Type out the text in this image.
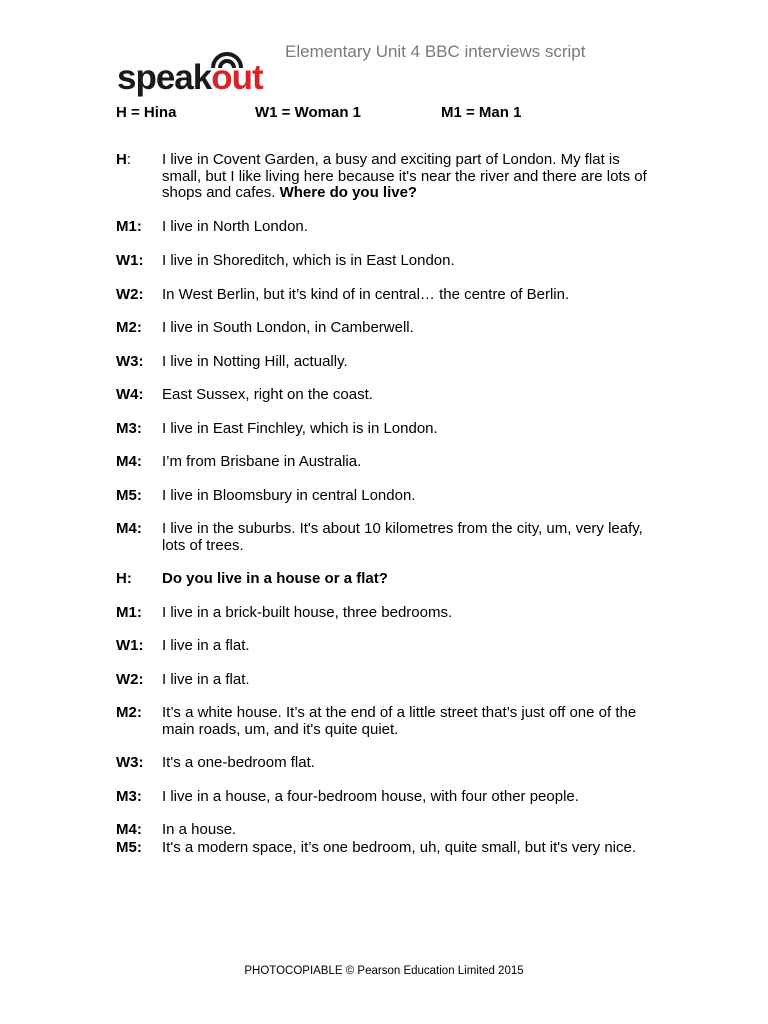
speakout
Elementary Unit 4 BBC interviews script
H = Hina	W1 = Woman 1	M1 = Man 1
H: I live in Covent Garden, a busy and exciting part of London. My flat is small, but I like living here because it's near the river and there are lots of shops and cafes. Where do you live?
M1: I live in North London.
W1: I live in Shoreditch, which is in East London.
W2: In West Berlin, but it’s kind of in central… the centre of Berlin.
M2: I live in South London, in Camberwell.
W3: I live in Notting Hill, actually.
W4: East Sussex, right on the coast.
M3: I live in East Finchley, which is in London.
M4: I’m from Brisbane in Australia.
M5: I live in Bloomsbury in central London.
M4: I live in the suburbs. It's about 10 kilometres from the city, um, very leafy, lots of trees.
H: Do you live in a house or a flat?
M1: I live in a brick-built house, three bedrooms.
W1: I live in a flat.
W2: I live in a flat.
M2: It’s a white house. It’s at the end of a little street that’s just off one of the main roads, um, and it's quite quiet.
W3: It's a one-bedroom flat.
M3: I live in a house, a four-bedroom house, with four other people.
M4: In a house.
M5: It's a modern space, it’s one bedroom, uh, quite small, but it's very nice.
PHOTOCOPIABLE © Pearson Education Limited 2015
